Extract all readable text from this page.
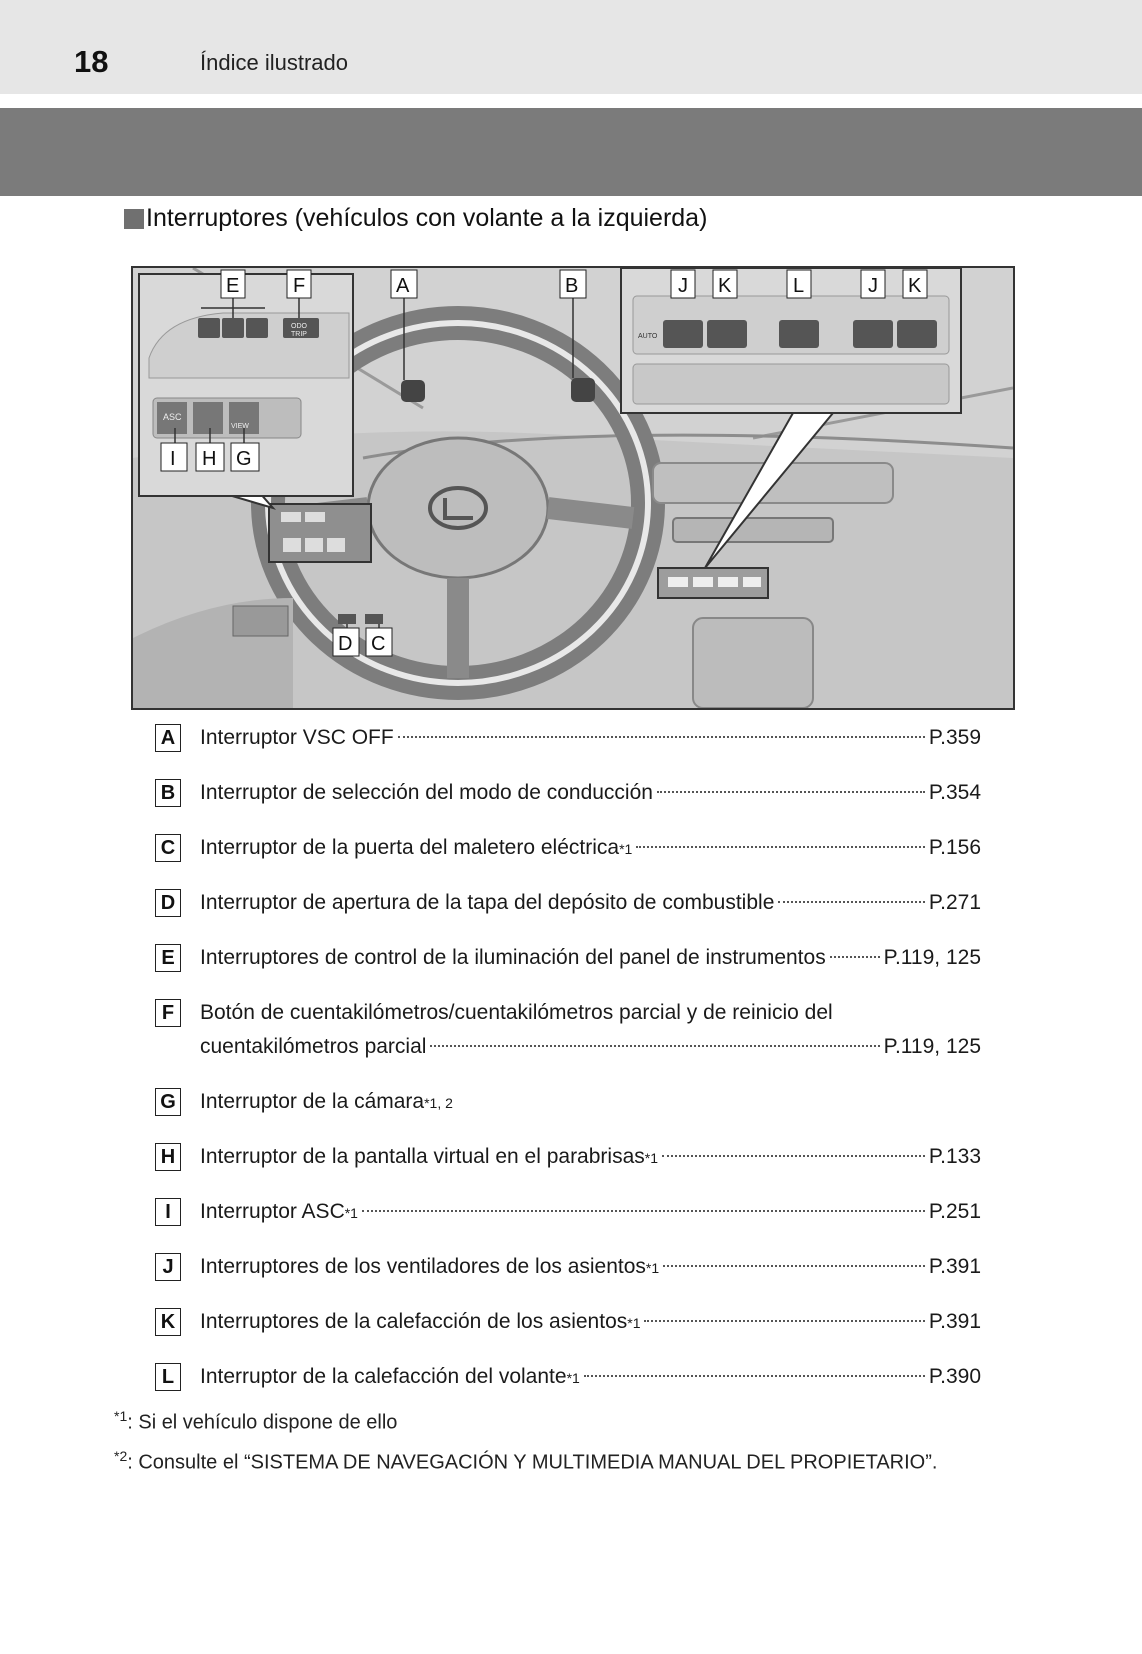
18	Índice ilustrado
Interruptores (vehículos con volante a la izquierda)
ASC
VIEW
ODO
TRIP	AUTO
E	F	A	B	J K	L	J K
I H G
D C
A Interruptor VSC OFF	P.359
B Interruptor de selección del modo de conducción	P.354
C Interruptor de la puerta del maletero eléctrica *1	P.156
D Interruptor de apertura de la tapa del depósito de combustible	P.271
E	Interruptores de control de la iluminación del panel de instrumentos	P.119, 125
F	Botón de cuentakilómetros/cuentakilómetros parcial y de reinicio del
cuentakilómetros parcial	P.119, 125
G Interruptor de la cámara *1, 2
H Interruptor de la pantalla virtual en el parabrisas *1	P.133
I	Interruptor ASC *1	P.251
J	Interruptores de los ventiladores de los asientos *1	P.391
K Interruptores de la calefacción de los asientos *1	P.391
L	Interruptor de la calefacción del volante *1	P.390
$^{*1}$: Si el vehículo dispone de ello
$^{*2}$: Consulte el “SISTEMA DE NAVEGACIÓN Y MULTIMEDIA MANUAL DEL PROPIETARIO”.
